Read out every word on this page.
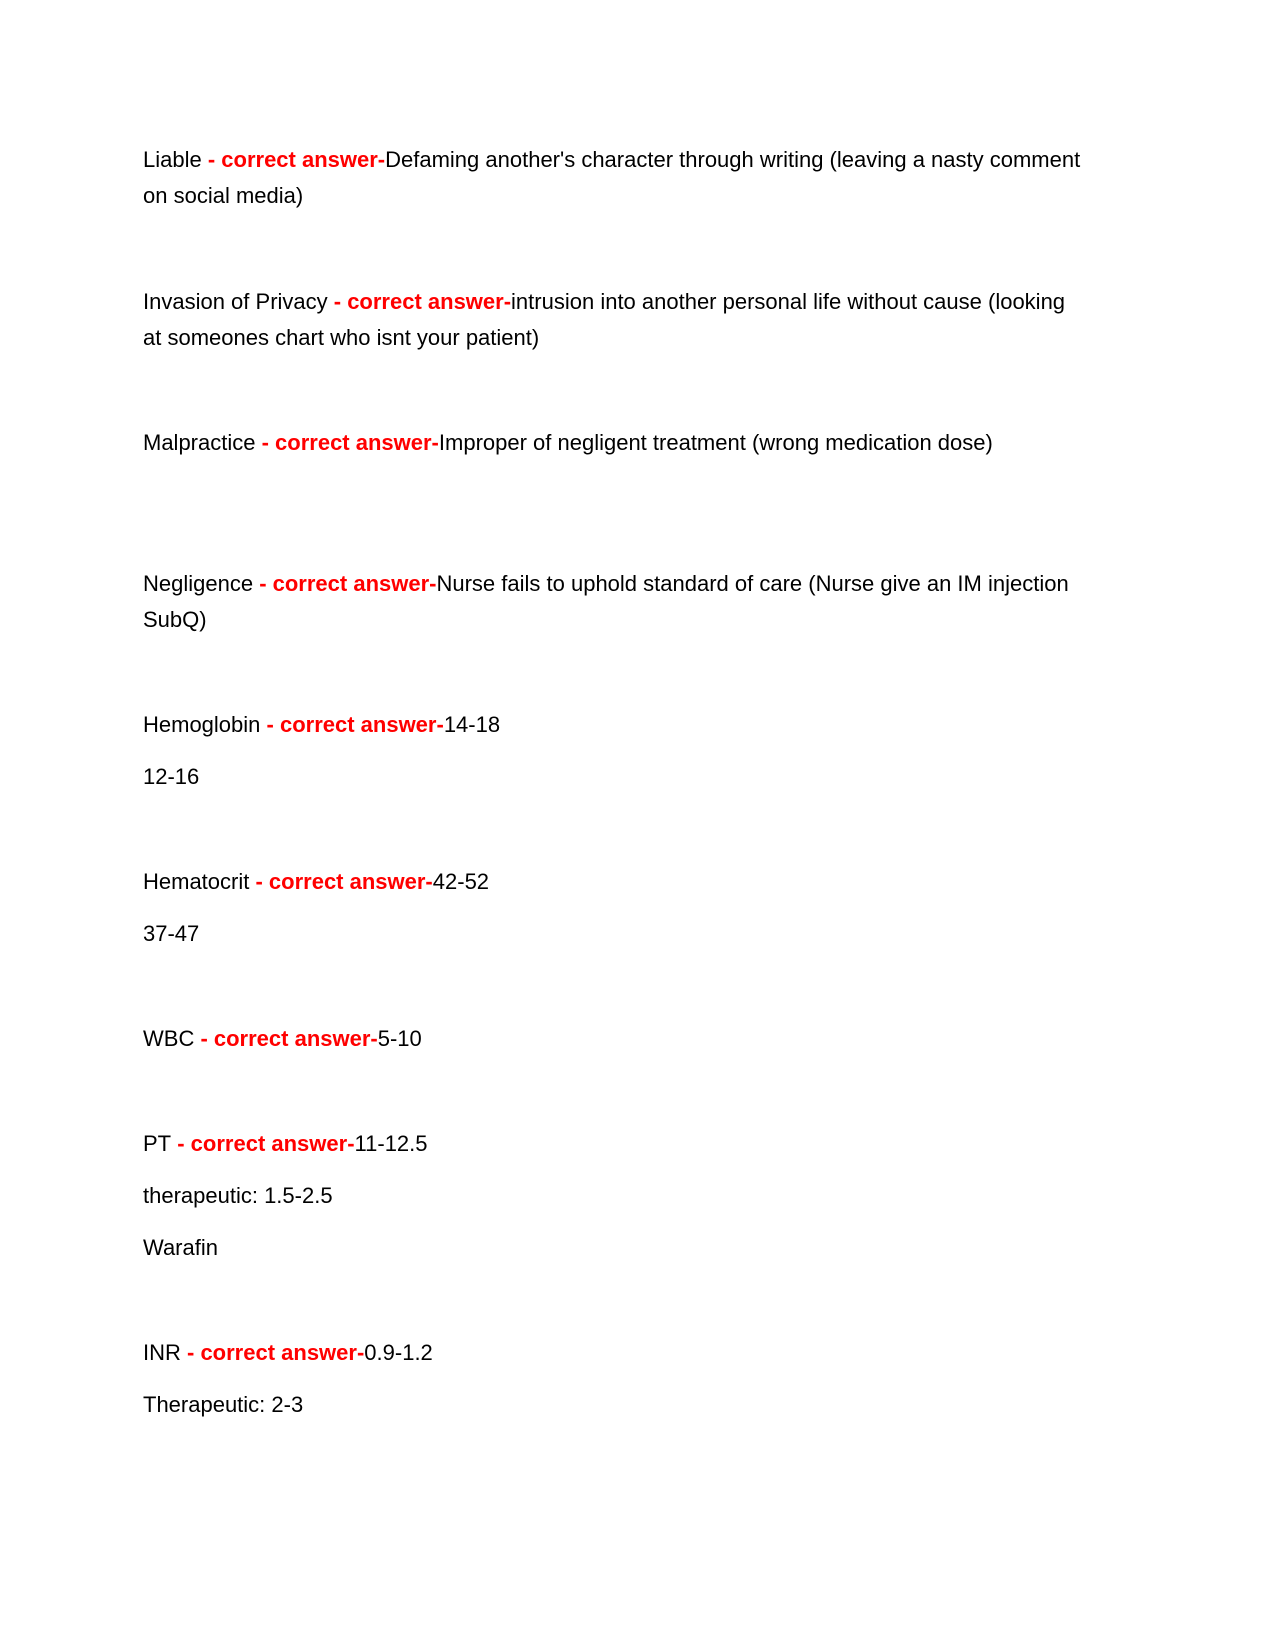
Liable - correct answer-Defaming another's character through writing (leaving a nasty comment on social media)
Invasion of Privacy - correct answer-intrusion into another personal life without cause (looking at someones chart who isnt your patient)
Malpractice - correct answer-Improper of negligent treatment (wrong medication dose)
Negligence - correct answer-Nurse fails to uphold standard of care (Nurse give an IM injection SubQ)
Hemoglobin - correct answer-14-18
12-16
Hematocrit - correct answer-42-52
37-47
WBC - correct answer-5-10
PT - correct answer-11-12.5
therapeutic: 1.5-2.5
Warafin
INR - correct answer-0.9-1.2
Therapeutic: 2-3
